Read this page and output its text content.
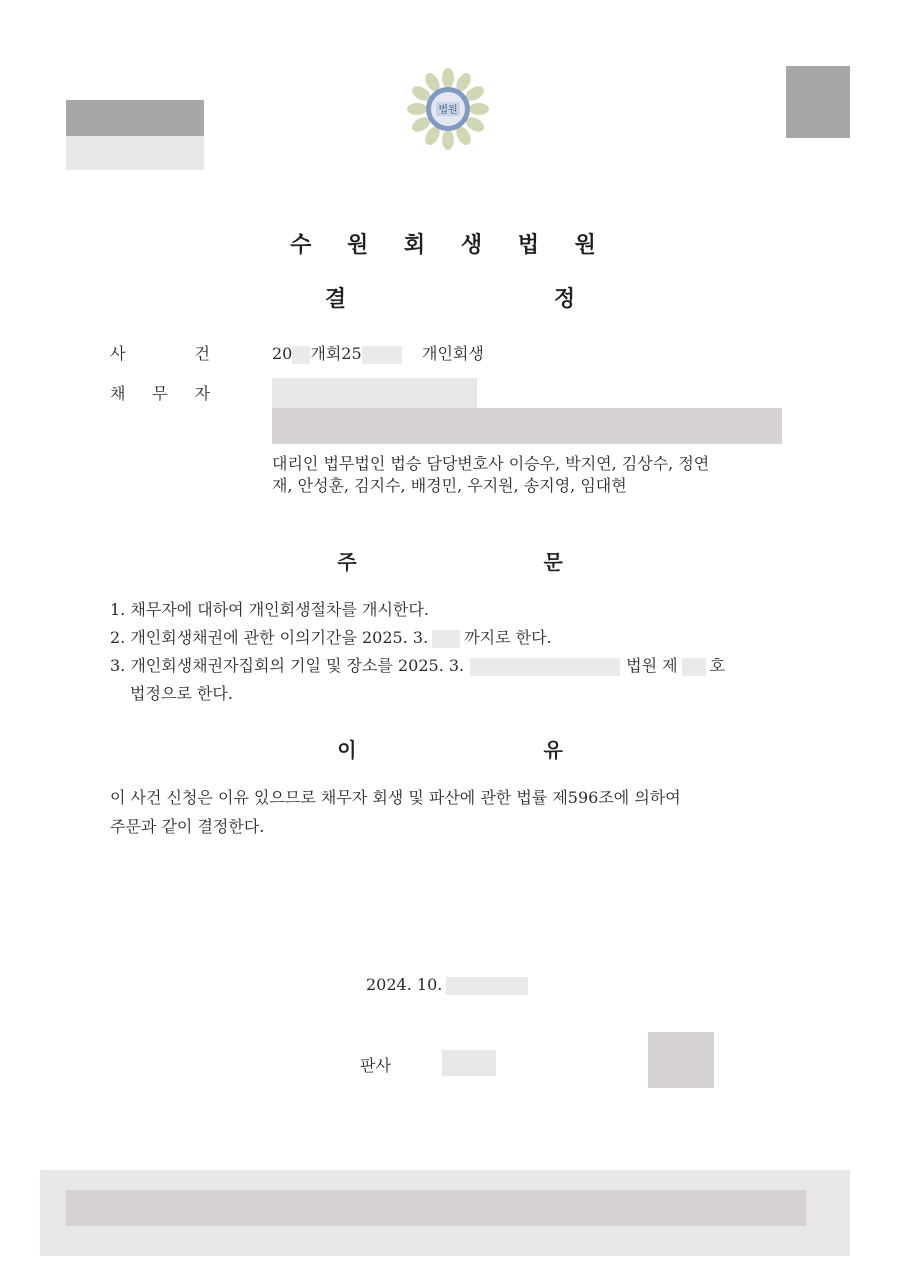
법원
수 원 회 생 법 원
결 정
사	건	20 개회25	개인회생
채 무 자
대리인 법무법인 법승 담당변호사 이승우, 박지연, 김상수, 정연
재, 안성훈, 김지수, 배경민, 우지원, 송지영, 임대현
주 문
1. 채무자에 대하여 개인회생절차를 개시한다.
2. 개인회생채권에 관한 이의기간을 2025. 3. 까지로 한다.
3. 개인회생채권자집회의 기일 및 장소를 2025. 3.	법원 제 호
법정으로 한다.
이 유
이 사건 신청은 이유 있으므로 채무자 회생 및 파산에 관한 법률 제596조에 의하여
주문과 같이 결정한다.
2024. 10.
판사
